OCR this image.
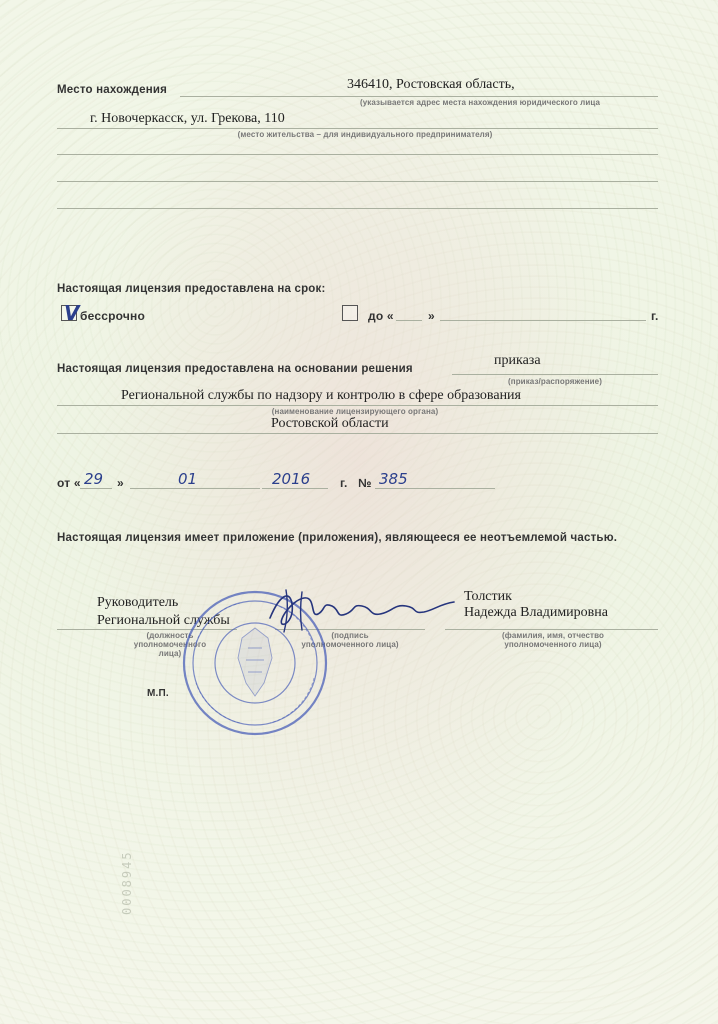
Место нахождения	346410, Ростовская область,
(указывается адрес места нахождения юридического лица
г. Новочеркасск, ул. Грекова, 110
(место жительства – для индивидуального предпринимателя)
Настоящая лицензия предоставлена на срок:
V бессрочно	до «	»	г.
Настоящая лицензия предоставлена на основании решения
приказа
(приказ/распоряжение)
Региональной службы по надзору и контролю в сфере образования
(наименование лицензирующего органа)
Ростовской области
от « 29 »	01	2016 г. № 385
Настоящая лицензия имеет приложение (приложения), являющееся ее неотъемлемой частью.
Руководитель
Региональной службы
(должность уполномоченного лица)
(подпись уполномоченного лица)
Толстик
Надежда Владимировна
(фамилия, имя, отчество уполномоченного лица)
М.П.
0008945
